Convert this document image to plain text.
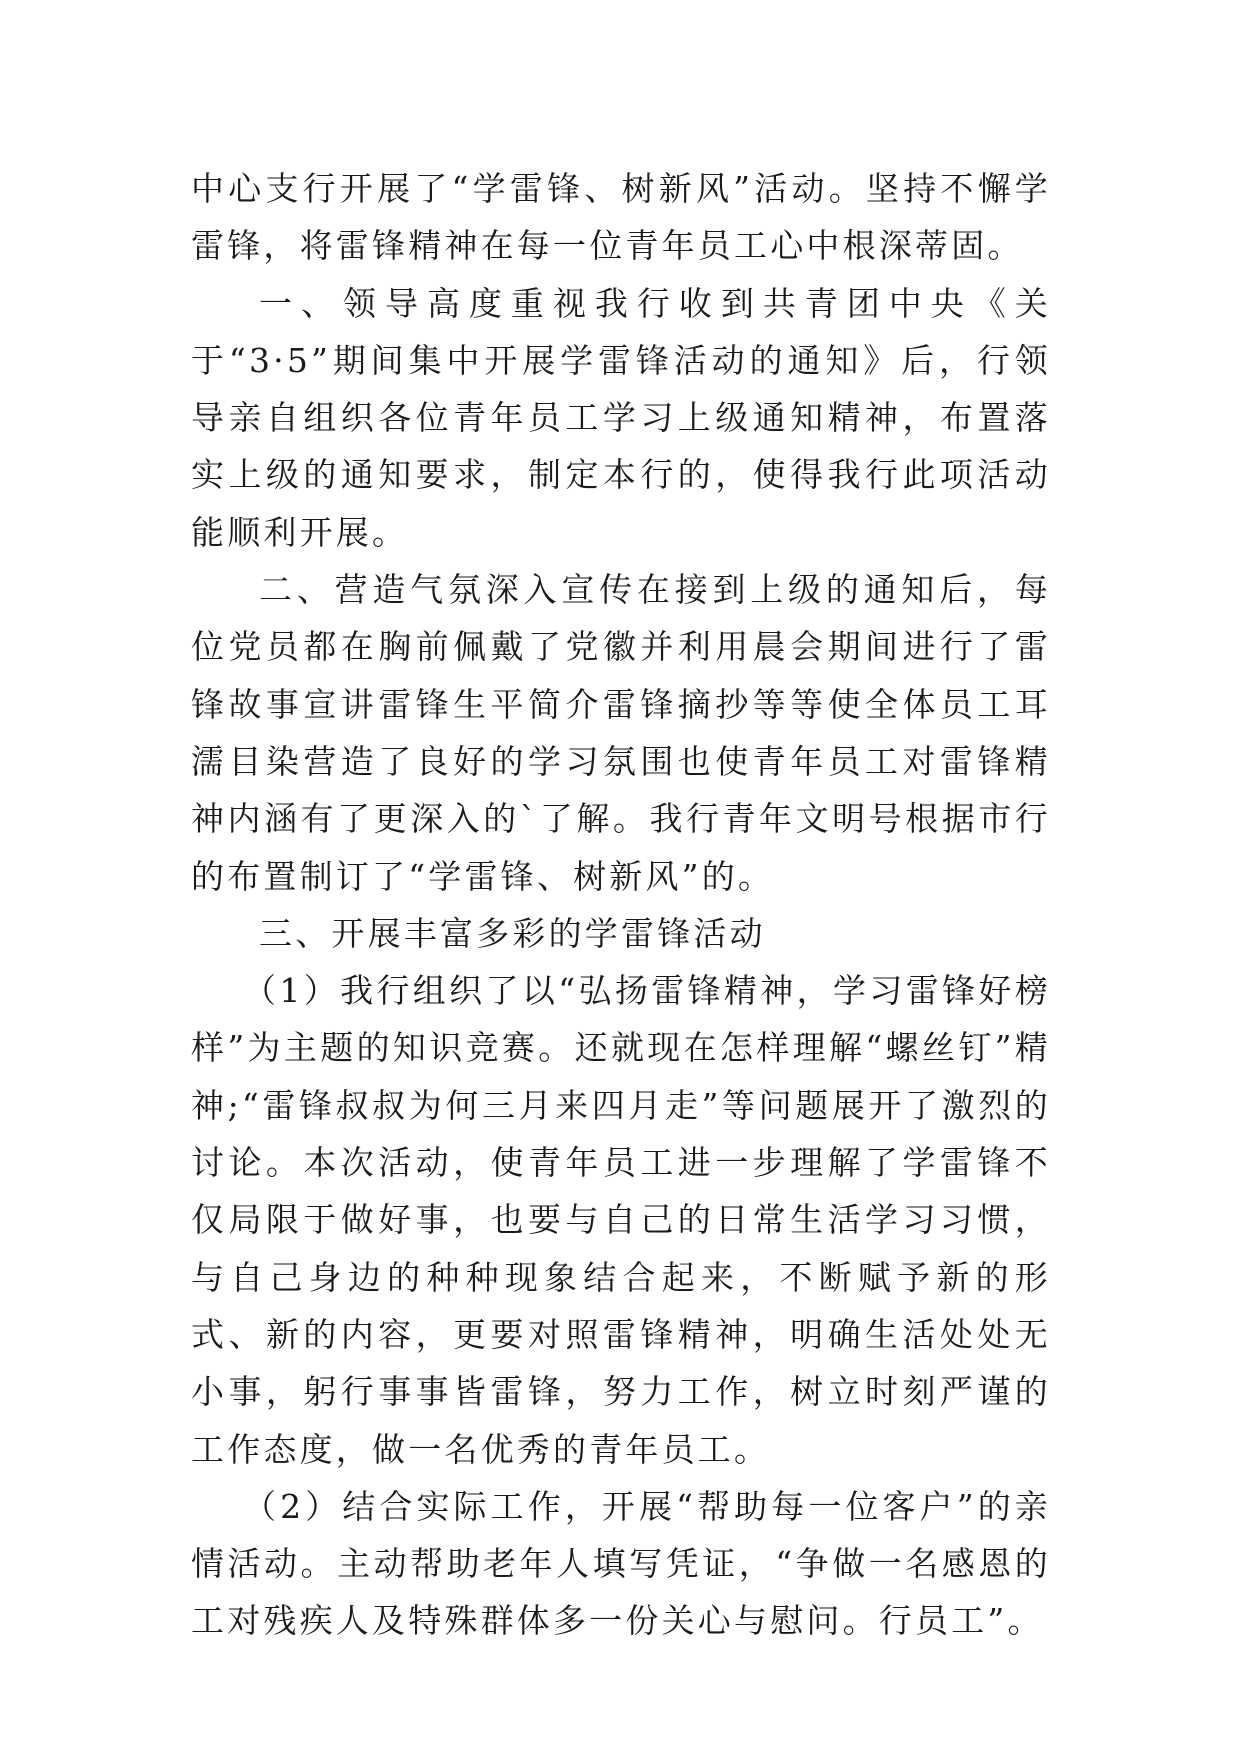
中心支行开展了“学雷锋、树新风”活动。坚持不懈学雷锋，将雷锋精神在每一位青年员工心中根深蒂固。

一、领导高度重视我行收到共青团中央《关于“3·5”期间集中开展学雷锋活动的通知》后，行领导亲自组织各位青年员工学习上级通知精神，布置落实上级的通知要求，制定本行的，使得我行此项活动能顺利开展。

二、营造气氛深入宣传在接到上级的通知后，每位党员都在胸前佩戴了党徽并利用晨会期间进行了雷锋故事宣讲雷锋生平简介雷锋摘抄等等使全体员工耳濡目染营造了良好的学习氛围也使青年员工对雷锋精神内涵有了更深入的`了解。我行青年文明号根据市行的布置制订了“学雷锋、树新风”的。

三、开展丰富多彩的学雷锋活动

（1）我行组织了以“弘扬雷锋精神，学习雷锋好榜样”为主题的知识竞赛。还就现在怎样理解“螺丝钉”精神;“雷锋叔叔为何三月来四月走”等问题展开了激烈的讨论。本次活动，使青年员工进一步理解了学雷锋不仅局限于做好事，也要与自己的日常生活学习习惯，与自己身边的种种现象结合起来，不断赋予新的形式、新的内容，更要对照雷锋精神，明确生活处处无小事，躬行事事皆雷锋，努力工作，树立时刻严谨的工作态度，做一名优秀的青年员工。

（2）结合实际工作，开展“帮助每一位客户”的亲情活动。主动帮助老年人填写凭证，“争做一名感恩的工对残疾人及特殊群体多一份关心与慰问。行员工”。
